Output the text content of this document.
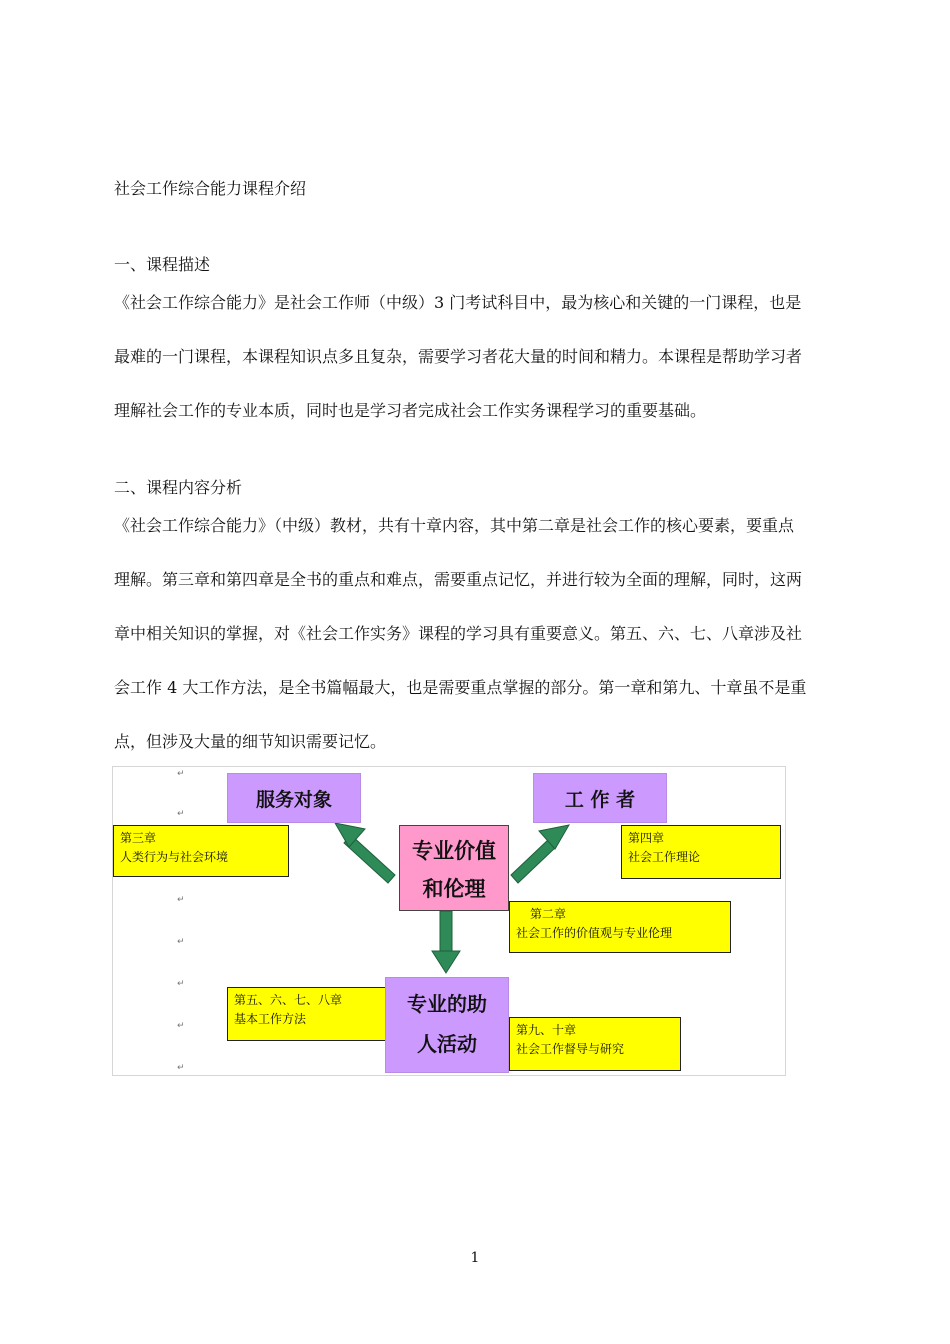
社会工作综合能力课程介绍
一、课程描述
《社会工作综合能力》是社会工作师（中级）3 门考试科目中，最为核心和关键的一门课程，也是
最难的一门课程，本课程知识点多且复杂，需要学习者花大量的时间和精力。本课程是帮助学习者
理解社会工作的专业本质，同时也是学习者完成社会工作实务课程学习的重要基础。
二、课程内容分析
《社会工作综合能力》（中级）教材，共有十章内容，其中第二章是社会工作的核心要素，要重点
理解。第三章和第四章是全书的重点和难点，需要重点记忆，并进行较为全面的理解，同时，这两
章中相关知识的掌握，对《社会工作实务》课程的学习具有重要意义。第五、六、七、八章涉及社
会工作 4 大工作方法，是全书篇幅最大，也是需要重点掌握的部分。第一章和第九、十章虽不是重
点，但涉及大量的细节知识需要记忆。
↵
↵
↵
↵
↵
↵
↵
服务对象	工 作 者
第三章
人类行为与社会环境
第四章
社会工作理论
专业价值
和伦理
第二章
社会工作的价值观与专业伦理
第五、六、七、八章
基本工作方法
专业的助
人活动
第九、十章
社会工作督导与研究
1
